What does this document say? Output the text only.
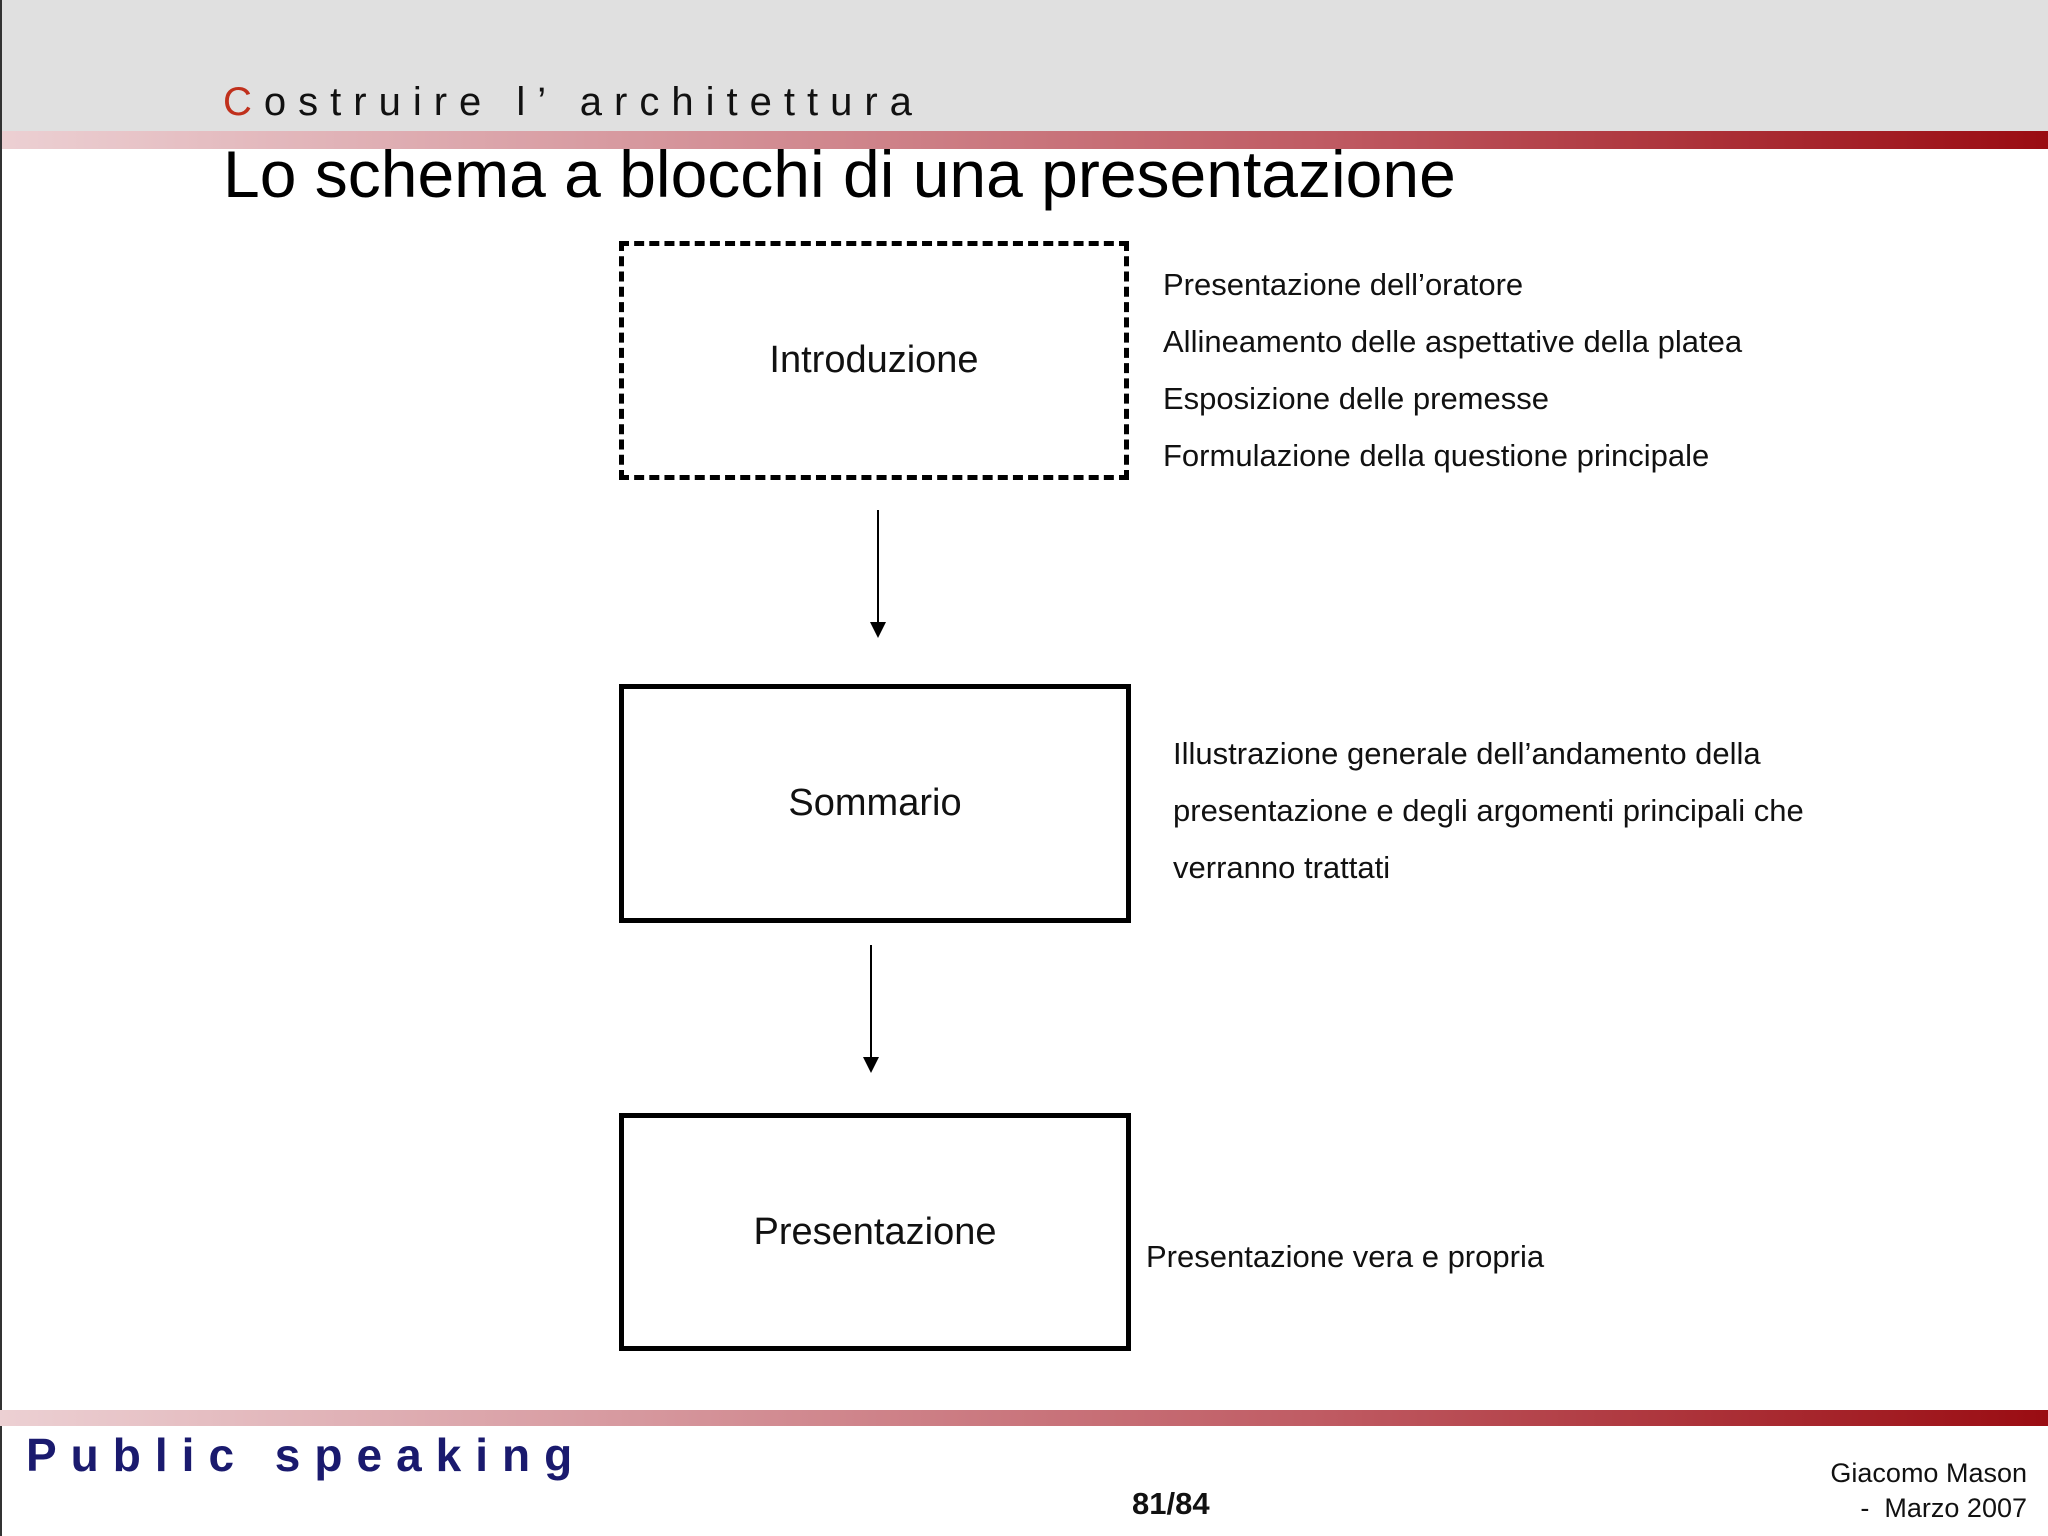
Costruire l’ architettura
Lo schema a blocchi di una presentazione
Introduzione
Presentazione dell’oratore
Allineamento delle aspettative della platea
Esposizione delle premesse
Formulazione della questione principale
Sommario
Illustrazione generale dell’andamento della presentazione e degli argomenti principali che verranno trattati
Presentazione
Presentazione vera e propria
Public speaking
81/84
Giacomo Mason
-  Marzo 2007
